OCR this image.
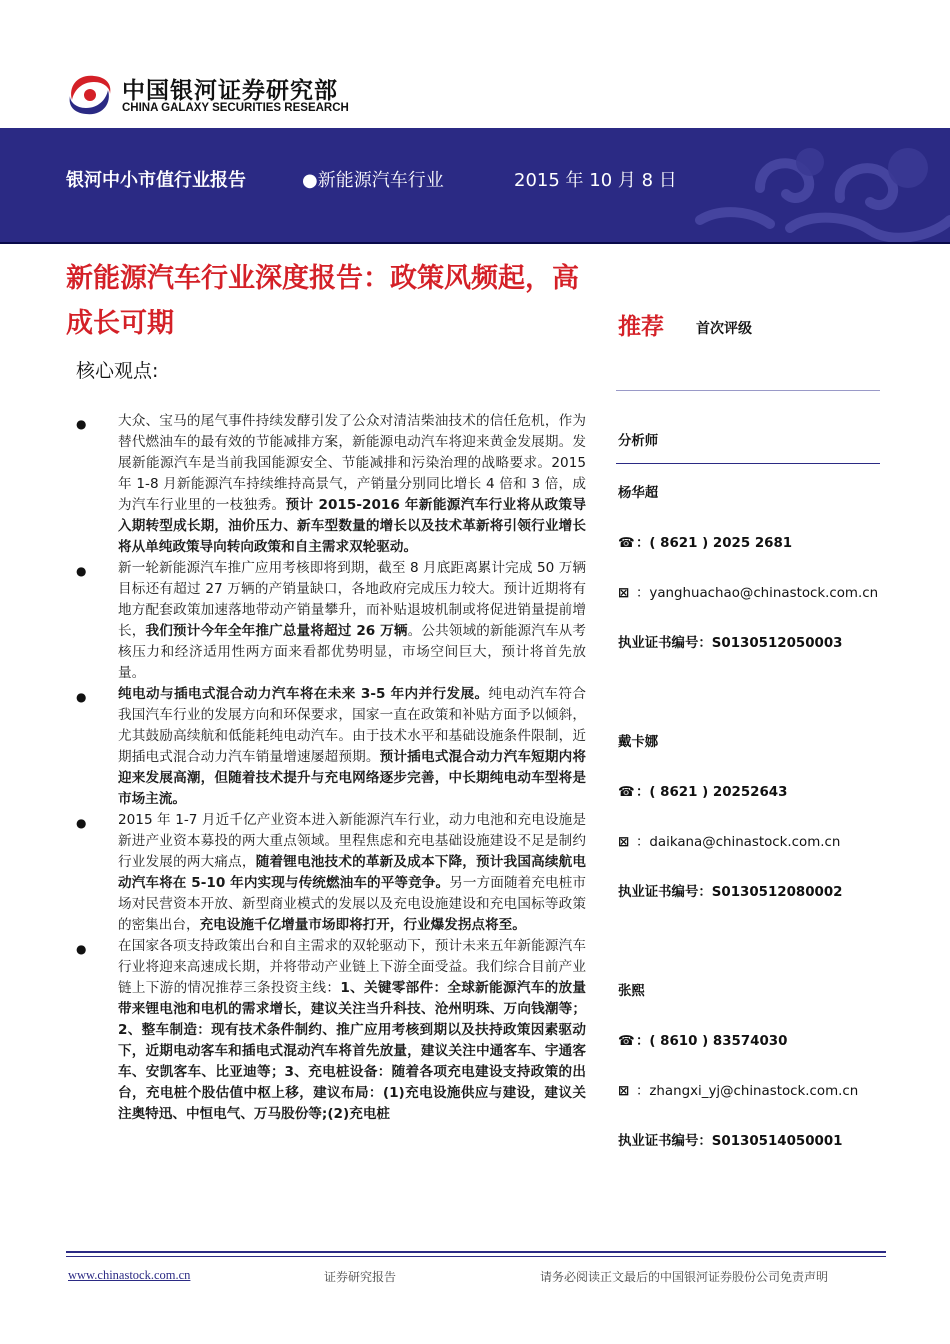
中国银河证券研究部
CHINA GALAXY SECURITIES RESEARCH
银河中小市值行业报告	●新能源汽车行业	2015 年 10 月 8 日
新能源汽车行业深度报告：政策风频起，高成长可期	推荐 首次评级
核心观点:
● 大众、宝马的尾气事件持续发酵引发了公众对清洁柴油技术的信任危机，作为替代燃油车的最有效的节能减排方案，新能源电动汽车将迎来黄金发展期。发展新能源汽车是当前我国能源安全、节能减排和污染治理的战略要求。2015 年 1-8 月新能源汽车持续维持高景气，产销量分别同比增长 4 倍和 3 倍，成为汽车行业里的一枝独秀。预计 2015-2016 年新能源汽车行业将从政策导入期转型成长期，油价压力、新车型数量的增长以及技术革新将引领行业增长将从单纯政策导向转向政策和自主需求双轮驱动。
● 新一轮新能源汽车推广应用考核即将到期，截至 8 月底距离累计完成 50 万辆目标还有超过 27 万辆的产销量缺口，各地政府完成压力较大。预计近期将有地方配套政策加速落地带动产销量攀升，而补贴退坡机制或将促进销量提前增长，我们预计今年全年推广总量将超过 26 万辆。公共领域的新能源汽车从考核压力和经济适用性两方面来看都优势明显，市场空间巨大，预计将首先放量。
● 纯电动与插电式混合动力汽车将在未来 3-5 年内并行发展。纯电动汽车符合我国汽车行业的发展方向和环保要求，国家一直在政策和补贴方面予以倾斜，尤其鼓励高续航和低能耗纯电动汽车。由于技术水平和基础设施条件限制，近期插电式混合动力汽车销量增速屡超预期。预计插电式混合动力汽车短期内将迎来发展高潮，但随着技术提升与充电网络逐步完善，中长期纯电动车型将是市场主流。
● 2015 年 1-7 月近千亿产业资本进入新能源汽车行业，动力电池和充电设施是新进产业资本募投的两大重点领域。里程焦虑和充电基础设施建设不足是制约行业发展的两大痛点，随着锂电池技术的革新及成本下降，预计我国高续航电动汽车将在 5-10 年内实现与传统燃油车的平等竞争。另一方面随着充电桩市场对民营资本开放、新型商业模式的发展以及充电设施建设和充电国标等政策的密集出台，充电设施千亿增量市场即将打开，行业爆发拐点将至。
● 在国家各项支持政策出台和自主需求的双轮驱动下，预计未来五年新能源汽车行业将迎来高速成长期，并将带动产业链上下游全面受益。我们综合目前产业链上下游的情况推荐三条投资主线：1、关键零部件：全球新能源汽车的放量带来锂电池和电机的需求增长，建议关注当升科技、沧州明珠、万向钱潮等；2、整车制造：现有技术条件制约、推广应用考核到期以及扶持政策因素驱动下，近期电动客车和插电式混动汽车将首先放量，建议关注中通客车、宇通客车、安凯客车、比亚迪等；3、充电桩设备：随着各项充电建设支持政策的出台，充电桩个股估值中枢上移，建议布局：(1)充电设施供应与建设，建议关注奥特迅、中恒电气、万马股份等;(2)充电桩
分析师
杨华超
☎：( 8621 ) 2025 2681
⊠ ：yanghuachao@chinastock.com.cn
执业证书编号：S0130512050003
戴卡娜
☎：( 8621 ) 20252643
⊠ ：daikana@chinastock.com.cn
执业证书编号：S0130512080002
张熙
☎：( 8610 ) 83574030
⊠ ：zhangxi_yj@chinastock.com.cn
执业证书编号：S0130514050001
www.chinastock.com.cn	证券研究报告	请务必阅读正文最后的中国银河证券股份公司免责声明
